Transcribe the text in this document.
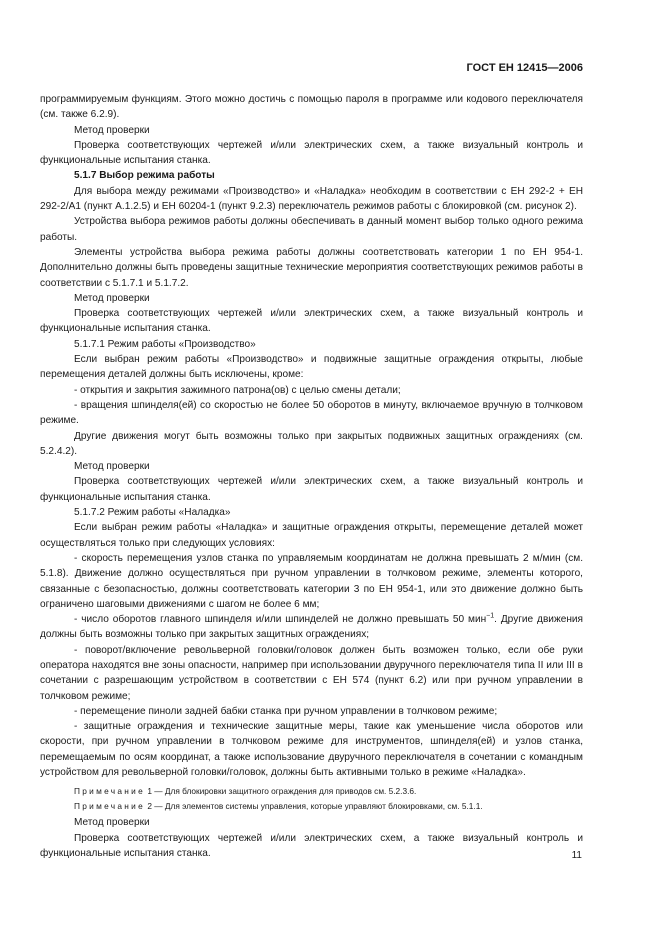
ГОСТ ЕН 12415—2006

программируемым функциям. Этого можно достичь с помощью пароля в программе или кодового переключателя (см. также 6.2.9).

Метод проверки

Проверка соответствующих чертежей и/или электрических схем, а также визуальный контроль и функциональные испытания станка.

5.1.7 Выбор режима работы

Для выбора между режимами «Производство» и «Наладка» необходим в соответствии с ЕН 292-2 + ЕН 292-2/А1 (пункт А.1.2.5) и ЕН 60204-1 (пункт 9.2.3) переключатель режимов работы с блокировкой (см. рисунок 2).

Устройства выбора режимов работы должны обеспечивать в данный момент выбор только одного режима работы.

Элементы устройства выбора режима работы должны соответствовать категории 1 по ЕН 954-1. Дополнительно должны быть проведены защитные технические мероприятия соответствующих режимов работы в соответствии с 5.1.7.1 и 5.1.7.2.

Метод проверки

Проверка соответствующих чертежей и/или электрических схем, а также визуальный контроль и функциональные испытания станка.

5.1.7.1 Режим работы «Производство»

Если выбран режим работы «Производство» и подвижные защитные ограждения открыты, любые перемещения деталей должны быть исключены, кроме:

- открытия и закрытия зажимного патрона(ов) с целью смены детали;

- вращения шпинделя(ей) со скоростью не более 50 оборотов в минуту, включаемое вручную в толчковом режиме.

Другие движения могут быть возможны только при закрытых подвижных защитных ограждениях (см. 5.2.4.2).

Метод проверки

Проверка соответствующих чертежей и/или электрических схем, а также визуальный контроль и функциональные испытания станка.

5.1.7.2 Режим работы «Наладка»

Если выбран режим работы «Наладка» и защитные ограждения открыты, перемещение деталей может осуществляться только при следующих условиях:

- скорость перемещения узлов станка по управляемым координатам не должна превышать 2 м/мин (см. 5.1.8). Движение должно осуществляться при ручном управлении в толчковом режиме, элементы которого, связанные с безопасностью, должны соответствовать категории 3 по ЕН 954-1, или это движение должно быть ограничено шаговыми движениями с шагом не более 6 мм;

- число оборотов главного шпинделя и/или шпинделей не должно превышать 50 мин$^{-1}$. Другие движения должны быть возможны только при закрытых защитных ограждениях;

- поворот/включение револьверной головки/головок должен быть возможен только, если обе руки оператора находятся вне зоны опасности, например при использовании двуручного переключателя типа II или III в сочетании с разрешающим устройством в соответствии с ЕН 574 (пункт 6.2) или при ручном управлении в толчковом режиме;

- перемещение пиноли задней бабки станка при ручном управлении в толчковом режиме;

- защитные ограждения и технические защитные меры, такие как уменьшение числа оборотов или скорости, при ручном управлении в толчковом режиме для инструментов, шпинделя(ей) и узлов станка, перемещаемым по осям координат, а также использование двуручного переключателя в сочетании с командным устройством для револьверной головки/головок, должны быть активными только в режиме «Наладка».

Примечание 1 — Для блокировки защитного ограждения для приводов см. 5.2.3.6.

Примечание 2 — Для элементов системы управления, которые управляют блокировками, см. 5.1.1.

Метод проверки

Проверка соответствующих чертежей и/или электрических схем, а также визуальный контроль и функциональные испытания станка.	11
